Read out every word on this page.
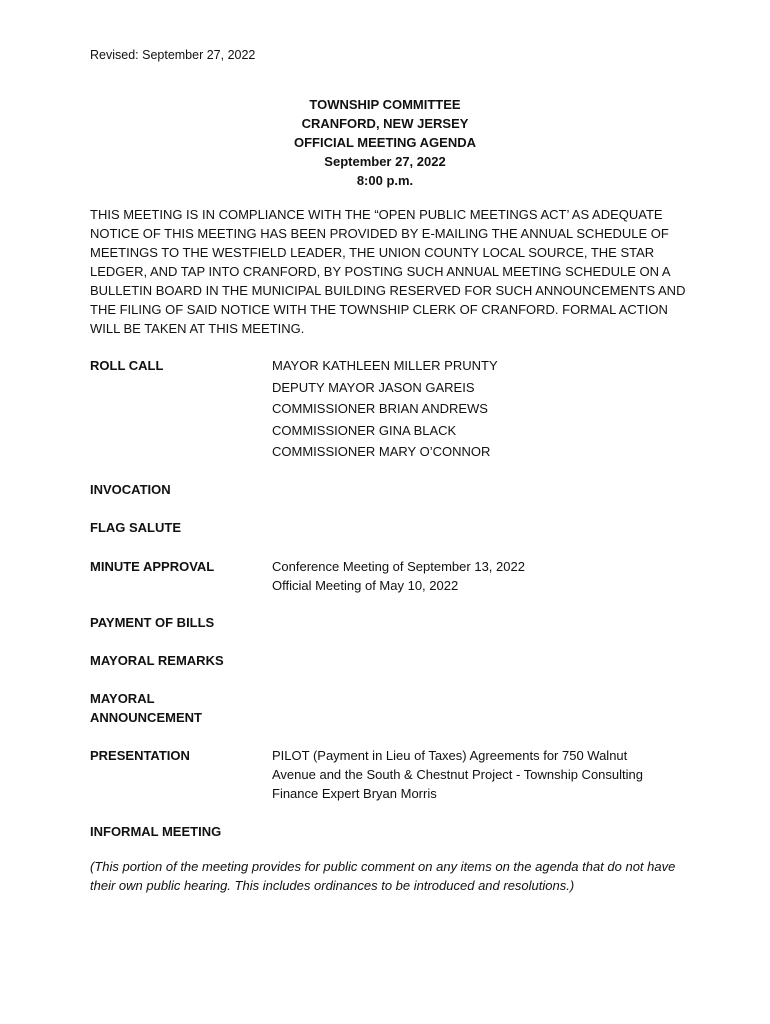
Revised: September 27, 2022
TOWNSHIP COMMITTEE
CRANFORD, NEW JERSEY
OFFICIAL MEETING AGENDA
September 27, 2022
8:00 p.m.
THIS MEETING IS IN COMPLIANCE WITH THE “OPEN PUBLIC MEETINGS ACT’ AS ADEQUATE NOTICE OF THIS MEETING HAS BEEN PROVIDED BY E-MAILING THE ANNUAL SCHEDULE OF MEETINGS TO THE WESTFIELD LEADER, THE UNION COUNTY LOCAL SOURCE, THE STAR LEDGER, AND TAP INTO CRANFORD, BY POSTING SUCH ANNUAL MEETING SCHEDULE ON A BULLETIN BOARD IN THE MUNICIPAL BUILDING RESERVED FOR SUCH ANNOUNCEMENTS AND THE FILING OF SAID NOTICE WITH THE TOWNSHIP CLERK OF CRANFORD. FORMAL ACTION WILL BE TAKEN AT THIS MEETING.
ROLL CALL	MAYOR KATHLEEN MILLER PRUNTY
DEPUTY MAYOR JASON GAREIS
COMMISSIONER BRIAN ANDREWS
COMMISSIONER GINA BLACK
COMMISSIONER MARY O’CONNOR
INVOCATION
FLAG SALUTE
MINUTE APPROVAL	Conference Meeting of September 13, 2022
Official Meeting of May 10, 2022
PAYMENT OF BILLS
MAYORAL REMARKS
MAYORAL
ANNOUNCEMENT
PRESENTATION	PILOT (Payment in Lieu of Taxes) Agreements for 750 Walnut
Avenue and the South & Chestnut Project - Township Consulting
Finance Expert Bryan Morris
INFORMAL MEETING
(This portion of the meeting provides for public comment on any items on the agenda that do not have their own public hearing. This includes ordinances to be introduced and resolutions.)
